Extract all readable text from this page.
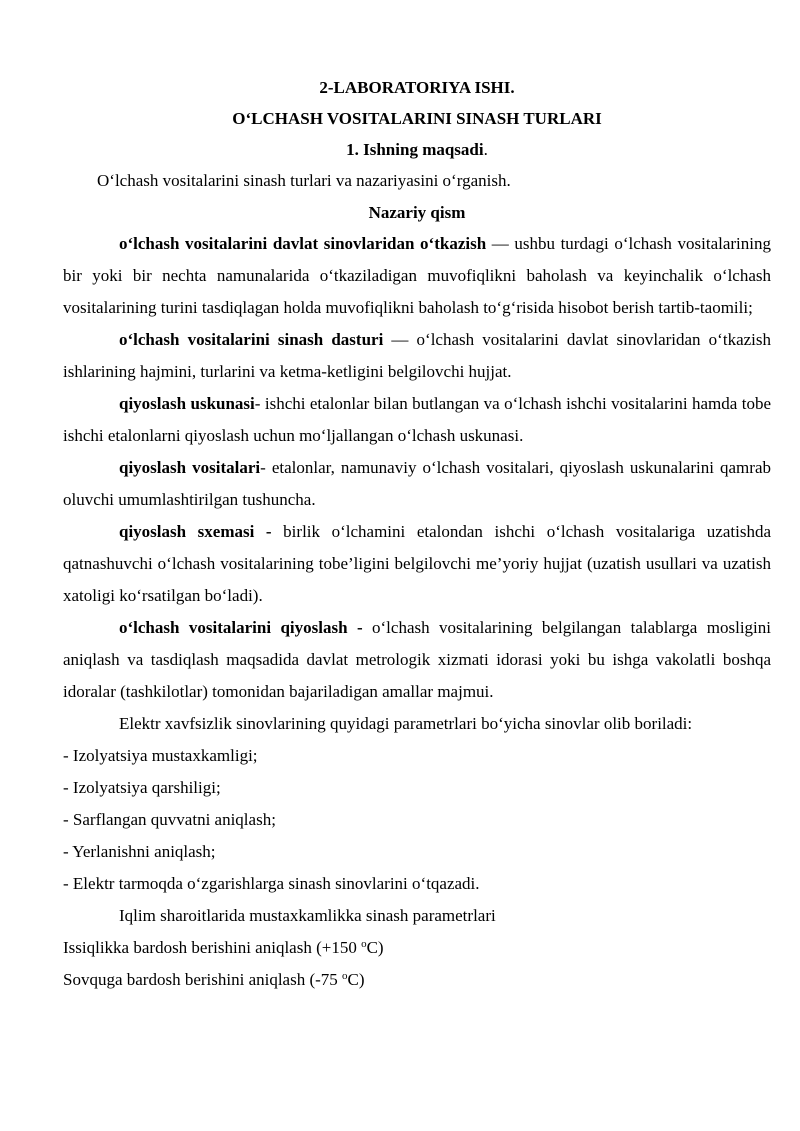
2-LABORATORIYA ISHI.

O‘LCHASH VOSITALARINI SINASH TURLARI

1. Ishning maqsadi.

O‘lchash vositalarini sinash turlari va nazariyasini o‘rganish.

Nazariy qism

o‘lchash vositalarini davlat sinovlaridan o‘tkazish — ushbu turdagi o‘lchash vositalarining bir yoki bir nechta namunalarida o‘tkaziladigan muvofiqlikni baholash va keyinchalik o‘lchash vositalarining turini tasdiqlagan holda muvofiqlikni baholash to‘g‘risida hisobot berish tartib-taomili;

o‘lchash vositalarini sinash dasturi — o‘lchash vositalarini davlat sinovlaridan o‘tkazish ishlarining hajmini, turlarini va ketma-ketligini belgilovchi hujjat.

qiyoslash uskunasi- ishchi etalonlar bilan butlangan va o‘lchash ishchi vositalarini hamda tobe ishchi etalonlarni qiyoslash uchun mo‘ljallangan o‘lchash uskunasi.

qiyoslash vositalari- etalonlar, namunaviy o‘lchash vositalari, qiyoslash uskunalarini qamrab oluvchi umumlashtirilgan tushuncha.

qiyoslash sxemasi - birlik o‘lchamini etalondan ishchi o‘lchash vositalariga uzatishda qatnashuvchi o‘lchash vositalarining tobe’ligini belgilovchi me’yoriy hujjat (uzatish usullari va uzatish xatoligi ko‘rsatilgan bo‘ladi).

o‘lchash vositalarini qiyoslash - o‘lchash vositalarining belgilangan talablarga mosligini aniqlash va tasdiqlash maqsadida davlat metrologik xizmati idorasi yoki bu ishga vakolatli boshqa idoralar (tashkilotlar) tomonidan bajariladigan amallar majmui.

Elektr xavfsizlik sinovlarining quyidagi parametrlari bo‘yicha sinovlar olib boriladi:

- Izolyatsiya mustaxkamligi;

- Izolyatsiya qarshiligi;

- Sarflangan quvvatni aniqlash;

- Yerlanishni aniqlash;

- Elektr tarmoqda o‘zgarishlarga sinash sinovlarini o‘tqazadi.

Iqlim sharoitlarida mustaxkamlikka sinash parametrlari

Issiqlikka bardosh berishini aniqlash (+150 $^o$C)

Sovquga bardosh berishini aniqlash (-75 $^o$C)
